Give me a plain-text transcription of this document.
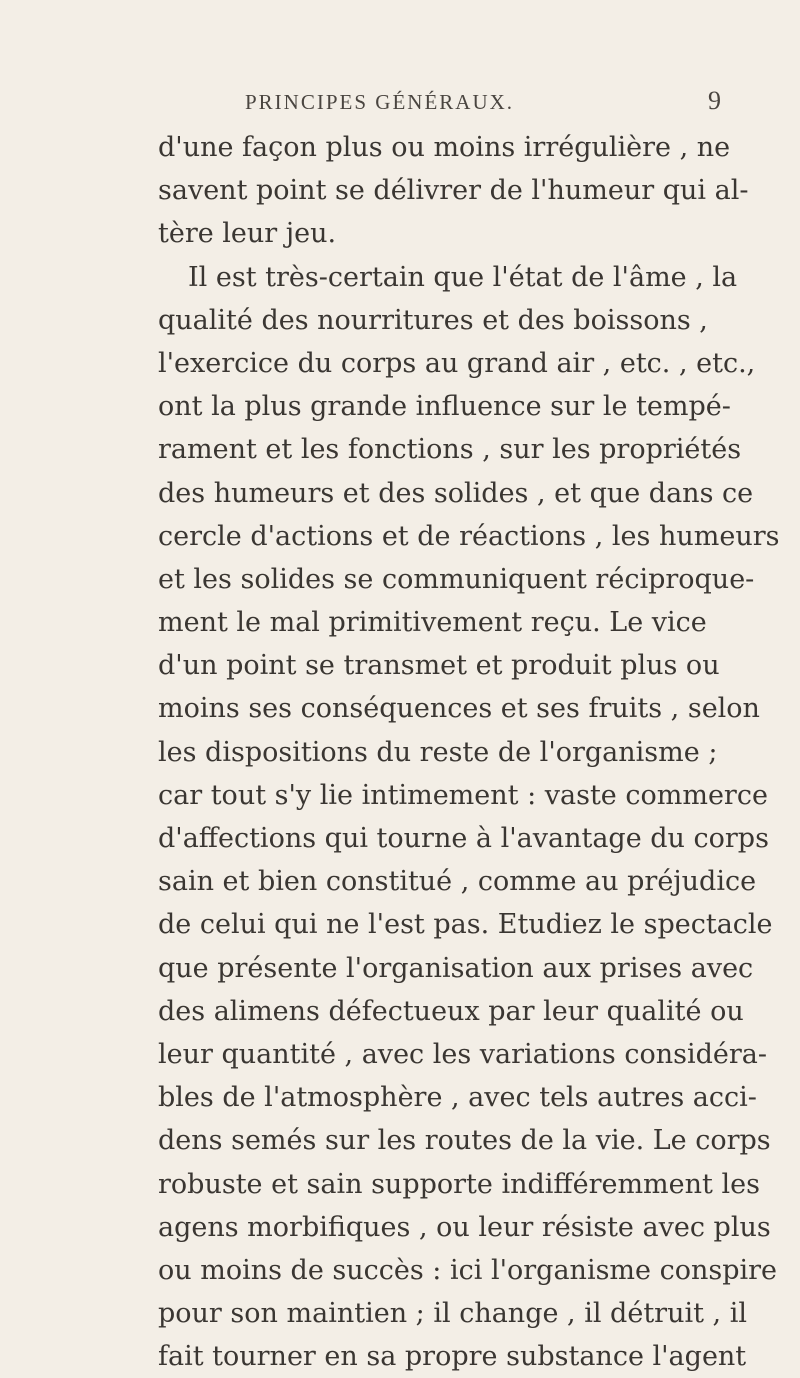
PRINCIPES GÉNÉRAUX.	9
d'une façon plus ou moins irrégulière , ne
savent point se délivrer de l'humeur qui al-
tère leur jeu.
Il est très-certain que l'état de l'âme , la
qualité des nourritures et des boissons ,
l'exercice du corps au grand air , etc. , etc.,
ont la plus grande influence sur le tempé-
rament et les fonctions , sur les propriétés
des humeurs et des solides , et que dans ce
cercle d'actions et de réactions , les humeurs
et les solides se communiquent réciproque-
ment le mal primitivement reçu. Le vice
d'un point se transmet et produit plus ou
moins ses conséquences et ses fruits , selon
les dispositions du reste de l'organisme ;
car tout s'y lie intimement : vaste commerce
d'affections qui tourne à l'avantage du corps
sain et bien constitué , comme au préjudice
de celui qui ne l'est pas. Etudiez le spectacle
que présente l'organisation aux prises avec
des alimens défectueux par leur qualité ou
leur quantité , avec les variations considéra-
bles de l'atmosphère , avec tels autres acci-
dens semés sur les routes de la vie. Le corps
robuste et sain supporte indifféremment les
agens morbifiques , ou leur résiste avec plus
ou moins de succès : ici l'organisme conspire
pour son maintien ; il change , il détruit , il
fait tourner en sa propre substance l'agent
